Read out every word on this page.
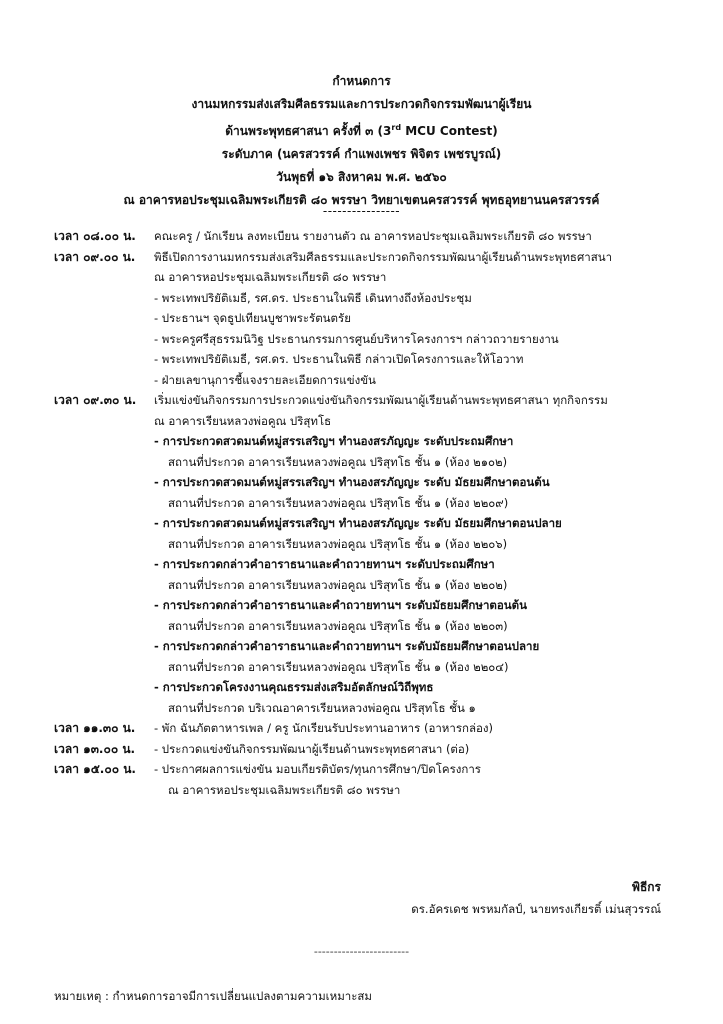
กำหนดการ
งานมหกรรมส่งเสริมศีลธรรมและการประกวดกิจกรรมพัฒนาผู้เรียน
ด้านพระพุทธศาสนา ครั้งที่ ๓ (3rd MCU Contest)
ระดับภาค (นครสวรรค์ กำแพงเพชร พิจิตร เพชรบูรณ์)
วันพุธที่ ๑๖ สิงหาคม พ.ศ. ๒๕๖๐
ณ อาคารหอประชุมเฉลิมพระเกียรติ ๘๐ พรรษา วิทยาเขตนครสวรรค์ พุทธอุทยานนครสวรรค์
----------------
เวลา ๐๘.๐๐ น.	คณะครู / นักเรียน ลงทะเบียน รายงานตัว ณ อาคารหอประชุมเฉลิมพระเกียรติ ๘๐ พรรษา
เวลา ๐๙.๐๐ น.	พิธีเปิดการงานมหกรรมส่งเสริมศีลธรรมและประกวดกิจกรรมพัฒนาผู้เรียนด้านพระพุทธศาสนา
ณ อาคารหอประชุมเฉลิมพระเกียรติ ๘๐ พรรษา
- พระเทพปริยัติเมธี, รศ.ดร. ประธานในพิธี เดินทางถึงห้องประชุม
- ประธานฯ จุดธูปเทียนบูชาพระรัตนตรัย
- พระครูศรีสุธรรมนิวิฐ ประธานกรรมการศูนย์บริหารโครงการฯ กล่าวถวายรายงาน
- พระเทพปริยัติเมธี, รศ.ดร. ประธานในพิธี กล่าวเปิดโครงการและให้โอวาท
- ฝ่ายเลขานุการชี้แจงรายละเอียดการแข่งขัน
เวลา ๐๙.๓๐ น.	เริ่มแข่งขันกิจกรรมการประกวดแข่งขันกิจกรรมพัฒนาผู้เรียนด้านพระพุทธศาสนา ทุกกิจกรรม
ณ อาคารเรียนหลวงพ่อคูณ ปริสุทโธ
- การประกวดสวดมนต์หมู่สรรเสริญฯ ทำนองสรภัญญะ ระดับประถมศึกษา
สถานที่ประกวด อาคารเรียนหลวงพ่อคูณ ปริสุทโธ ชั้น ๑ (ห้อง ๒๑๐๒)
- การประกวดสวดมนต์หมู่สรรเสริญฯ ทำนองสรภัญญะ ระดับ มัธยมศึกษาตอนต้น
สถานที่ประกวด อาคารเรียนหลวงพ่อคูณ ปริสุทโธ ชั้น ๑ (ห้อง ๒๒๐๙)
- การประกวดสวดมนต์หมู่สรรเสริญฯ ทำนองสรภัญญะ ระดับ มัธยมศึกษาตอนปลาย
สถานที่ประกวด อาคารเรียนหลวงพ่อคูณ ปริสุทโธ ชั้น ๑ (ห้อง ๒๒๐๖)
- การประกวดกล่าวคำอาราธนาและคำถวายทานฯ ระดับประถมศึกษา
สถานที่ประกวด อาคารเรียนหลวงพ่อคูณ ปริสุทโธ ชั้น ๑ (ห้อง ๒๒๐๒)
- การประกวดกล่าวคำอาราธนาและคำถวายทานฯ ระดับมัธยมศึกษาตอนต้น
สถานที่ประกวด อาคารเรียนหลวงพ่อคูณ ปริสุทโธ ชั้น ๑ (ห้อง ๒๒๐๓)
- การประกวดกล่าวคำอาราธนาและคำถวายทานฯ ระดับมัธยมศึกษาตอนปลาย
สถานที่ประกวด อาคารเรียนหลวงพ่อคูณ ปริสุทโธ ชั้น ๑ (ห้อง ๒๒๐๔)
- การประกวดโครงงานคุณธรรมส่งเสริมอัตลักษณ์วิถีพุทธ
สถานที่ประกวด บริเวณอาคารเรียนหลวงพ่อคูณ ปริสุทโธ ชั้น ๑
เวลา ๑๑.๓๐ น.	- พัก ฉันภัตตาหารเพล / ครู นักเรียนรับประทานอาหาร (อาหารกล่อง)
เวลา ๑๓.๐๐ น.	- ประกวดแข่งขันกิจกรรมพัฒนาผู้เรียนด้านพระพุทธศาสนา (ต่อ)
เวลา ๑๕.๐๐ น.	- ประกาศผลการแข่งขัน มอบเกียรติบัตร/ทุนการศึกษา/ปิดโครงการ
ณ อาคารหอประชุมเฉลิมพระเกียรติ ๘๐ พรรษา
พิธีกร
ดร.อัครเดช พรหมกัลป์, นายทรงเกียรติ์ เม่นสุวรรณ์
------------------------
หมายเหตุ : กำหนดการอาจมีการเปลี่ยนแปลงตามความเหมาะสม
